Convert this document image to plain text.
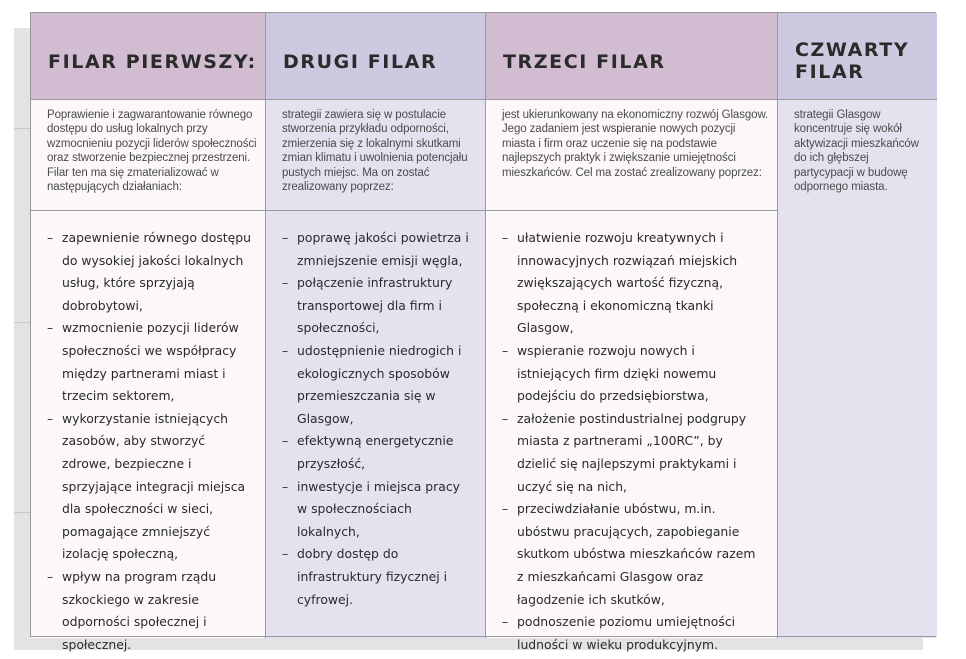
FILAR PIERWSZY:
Poprawienie i zagwarantowanie równego dostępu do usług lokalnych przy wzmocnieniu pozycji liderów społeczności oraz stworzenie bezpiecznej przestrzeni. Filar ten ma się zmaterializować w następujących działaniach:
– zapewnienie równego dostępu do wysokiej jakości lokalnych usług, które sprzyjają dobrobytowi,
– wzmocnienie pozycji liderów społeczności we współpracy między partnerami miast i trzecim sektorem,
– wykorzystanie istniejących zasobów, aby stworzyć zdrowe, bezpieczne i sprzyjające integracji miejsca dla społeczności w sieci, pomagające zmniejszyć izolację społeczną,
– wpływ na program rządu szkockiego w zakresie odporności społecznej i społecznej.
DRUGI FILAR
strategii zawiera się w postulacie stworzenia przykładu odporności, zmierzenia się z lokalnymi skutkami zmian klimatu i uwolnienia potencjału pustych miejsc. Ma on zostać zrealizowany poprzez:
– poprawę jakości powietrza i zmniejszenie emisji węgla,
– połączenie infrastruktury transportowej dla firm i społeczności,
– udostępnienie niedrogich i ekologicznych sposobów przemieszczania się w Glasgow,
– efektywną energetycznie przyszłość,
– inwestycje i miejsca pracy w społecznościach lokalnych,
– dobry dostęp do infrastruktury fizycznej i cyfrowej.
TRZECI FILAR
jest ukierunkowany na ekonomiczny rozwój Glasgow. Jego zadaniem jest wspieranie nowych pozycji miasta i firm oraz uczenie się na podstawie najlepszych praktyk i zwiększanie umiejętności mieszkańców. Cel ma zostać zrealizowany poprzez:
– ułatwienie rozwoju kreatywnych i innowacyjnych rozwiązań miejskich zwiększających wartość fizyczną, społeczną i ekonomiczną tkanki Glasgow,
– wspieranie rozwoju nowych i istniejących firm dzięki nowemu podejściu do przedsiębiorstwa,
– założenie postindustrialnej podgrupy miasta z partnerami „100RC”, by dzielić się najlepszymi praktykami i uczyć się na nich,
– przeciwdziałanie ubóstwu, m.in. ubóstwu pracujących, zapobieganie skutkom ubóstwa mieszkańców razem z mieszkańcami Glasgow oraz łagodzenie ich skutków,
– podnoszenie poziomu umiejętności ludności w wieku produkcyjnym.
CZWARTY FILAR
strategii Glasgow koncentruje się wokół aktywizacji mieszkańców do ich głębszej partycypacji w budowę odpornego miasta.
